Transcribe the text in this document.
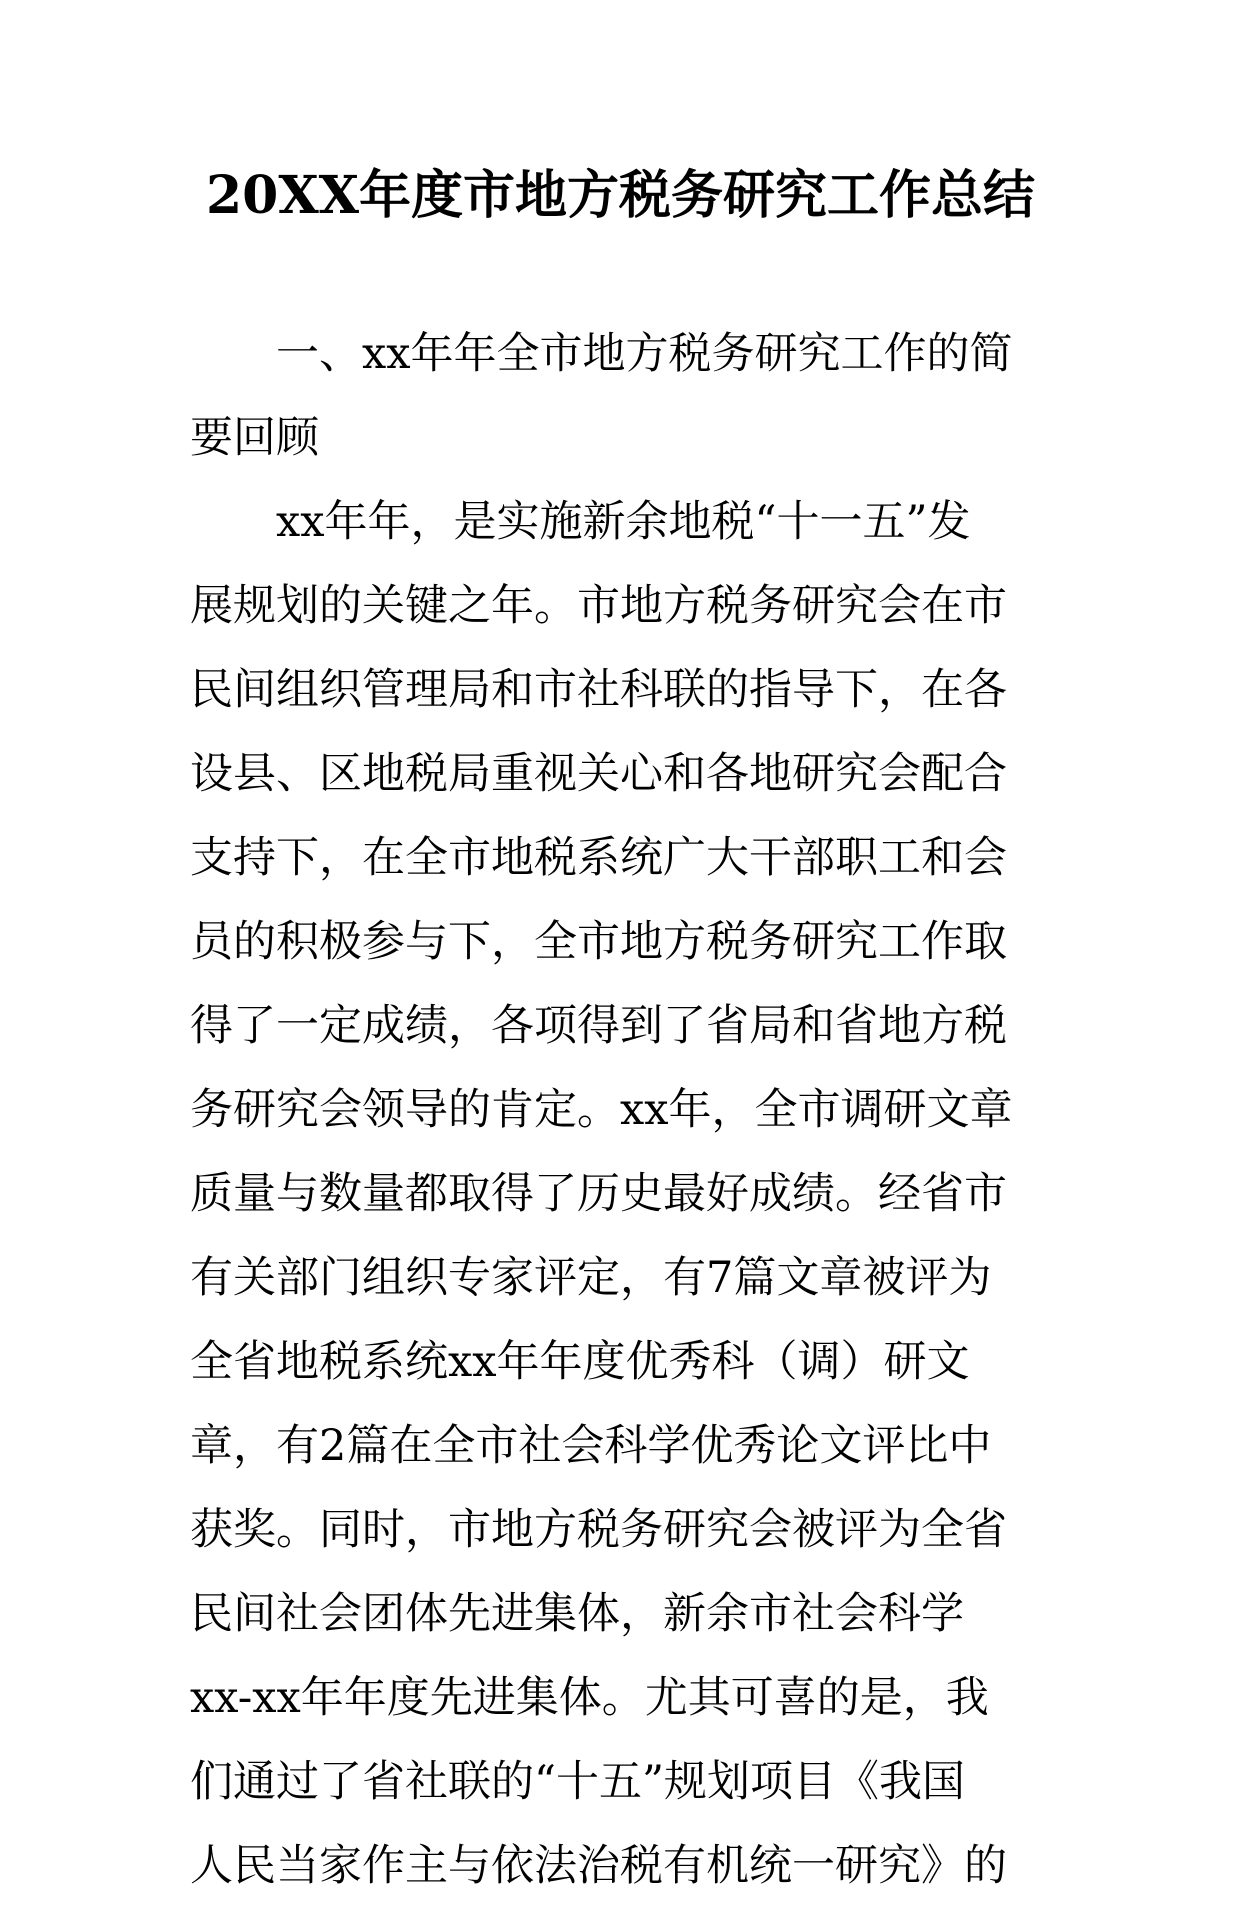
20XX年度市地方税务研究工作总结
一、xx年年全市地方税务研究工作的简
要回顾
xx年年，是实施新余地税“十一五”发
展规划的关键之年。市地方税务研究会在市
民间组织管理局和市社科联的指导下，在各
设县、区地税局重视关心和各地研究会配合
支持下，在全市地税系统广大干部职工和会
员的积极参与下，全市地方税务研究工作取
得了一定成绩，各项得到了省局和省地方税
务研究会领导的肯定。xx年，全市调研文章
质量与数量都取得了历史最好成绩。经省市
有关部门组织专家评定，有7篇文章被评为
全省地税系统xx年年度优秀科（调）研文
章，有2篇在全市社会科学优秀论文评比中
获奖。同时，市地方税务研究会被评为全省
民间社会团体先进集体，新余市社会科学
xx-xx年年度先进集体。尤其可喜的是，我
们通过了省社联的“十五”规划项目《我国
人民当家作主与依法治税有机统一研究》的
